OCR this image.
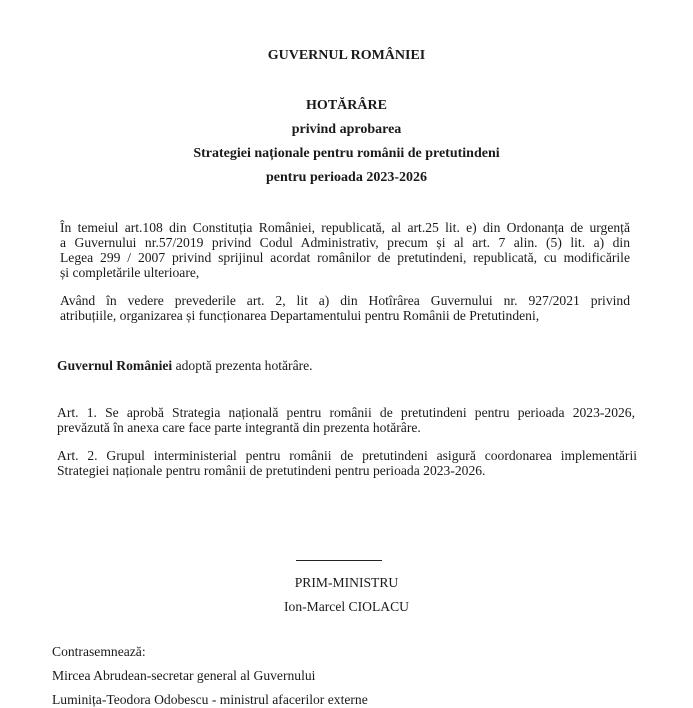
GUVERNUL ROMÂNIEI
HOTĂRÂRE
privind aprobarea
Strategiei naționale pentru românii de pretutindeni
pentru perioada 2023-2026
În temeiul art.108 din Constituția României, republicată, al art.25 lit. e) din Ordonanța de urgență
a Guvernului nr.57/2019 privind Codul Administrativ, precum și al art. 7 alin. (5) lit. a) din
Legea 299 / 2007 privind sprijinul acordat românilor de pretutindeni, republicată, cu modificările
și completările ulterioare,
Având în vedere prevederile art. 2, lit a) din Hotîrârea Guvernului nr. 927/2021 privind
atribuțiile, organizarea și funcționarea Departamentului pentru Românii de Pretutindeni,
Guvernul României adoptă prezenta hotărâre.
Art. 1. Se aprobă Strategia națională pentru românii de pretutindeni pentru perioada 2023-2026,
prevăzută în anexa care face parte integrantă din prezenta hotărâre.
Art. 2. Grupul interministerial pentru românii de pretutindeni asigură coordonarea implementării
Strategiei naționale pentru românii de pretutindeni pentru perioada 2023-2026.
PRIM-MINISTRU
Ion-Marcel CIOLACU
Contrasemnează:
Mircea Abrudean-secretar general al Guvernului
Luminița-Teodora Odobescu - ministrul afacerilor externe
